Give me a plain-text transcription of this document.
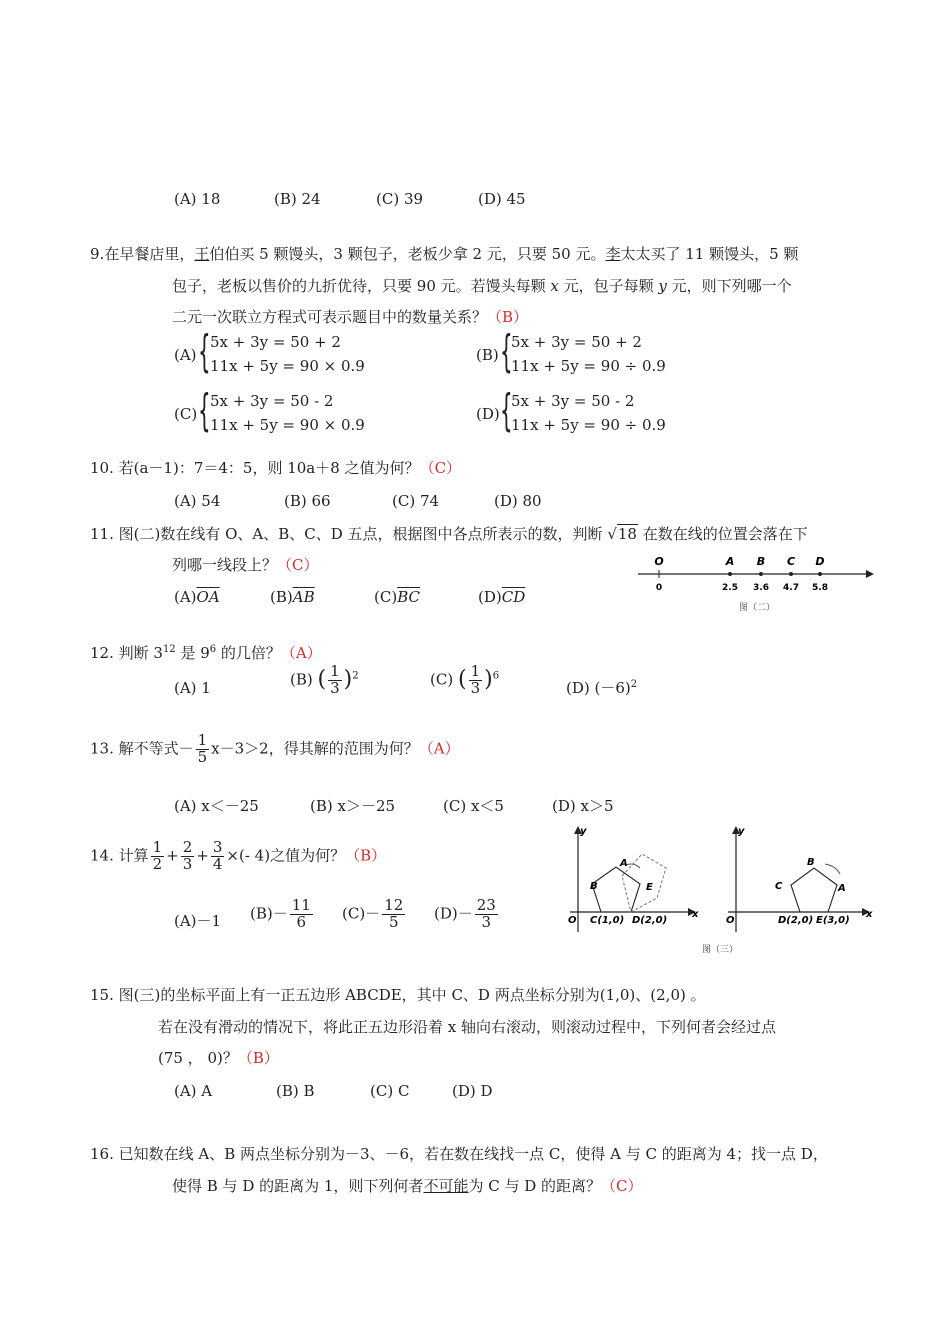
(A) 18	(B) 24	(C) 39	(D) 45
9.在早餐店里，王伯伯买 5 颗馒头，3 颗包子，老板少拿 2 元，只要 50 元。李太太买了 11 颗馒头，5 颗
包子，老板以售价的九折优待，只要 90 元。若馒头每颗 x 元，包子每颗 y 元，则下列哪一个
二元一次联立方程式可表示题目中的数量关系？（B）
(A) { 5x + 3y = 50 + 2
11x + 5y = 90 × 0.9
(B) {
5x + 3y = 50 + 2
11x + 5y = 90 ÷ 0.9
(C) { 5x + 3y = 50 - 2
11x + 5y = 90 × 0.9
(D) {
5x + 3y = 50 - 2
11x + 5y = 90 ÷ 0.9
10. 若(a－1)：7＝4：5，则 10a＋8 之值为何？（C）
(A) 54	(B) 66	(C) 74	(D) 80
11. 图(二)数在线有 O、A、B、C、D 五点，根据图中各点所表示的数，判断 √18 在数在线的位置会落在下
列哪一线段上？（C）
$(A)\overline{OA}$	$(B)\overline{AB}$	$(C)\overline{BC}$	$(D)\overline{CD}$
O
0
A
2.5
B
3.6
C
4.7
D
5.8
图（二）
12. 判断 $3^{12}$ 是 $9^6$ 的几倍？（A）
(A) 1	(B) ( $\frac{1}{3} )^2$	(C) ( $\frac{1}{3} )^6$
(D) $(-6)^2$
13. 解不等式－ $\frac{1}{5} x-3>2$，得其解的范围为何？（A）
(A) x＜－25	(B) x＞－25	(C) x＜5	(D) x＞5
14. 计算 $\frac{1}{2} + \frac{2}{3} + \frac{3}{4}$ ×(- 4)之值为何？（B）
(A)－1 $(B)- \frac{11}{6} (C)- \frac{12}{5} (D)- \frac{23}{3}$
y
x
O
A
B	E
C(1,0) D(2,0)
y
x
O
B
A
C
D(2,0) E(3,0)
图（三）
15. 图(三)的坐标平面上有一正五边形 ABCDE，其中 C、D 两点坐标分别为(1,0)、(2,0) 。
若在没有滑动的情况下，将此正五边形沿着 x 轴向右滚动，则滚动过程中，下列何者会经过点
(75 ， 0)？（B）
(A) A	(B) B	(C) C	(D) D
16. 已知数在线 A、B 两点坐标分别为－3、－6，若在数在线找一点 C，使得 A 与 C 的距离为 4；找一点 D，
使得 B 与 D 的距离为 1，则下列何者不可能为 C 与 D 的距离？（C）
